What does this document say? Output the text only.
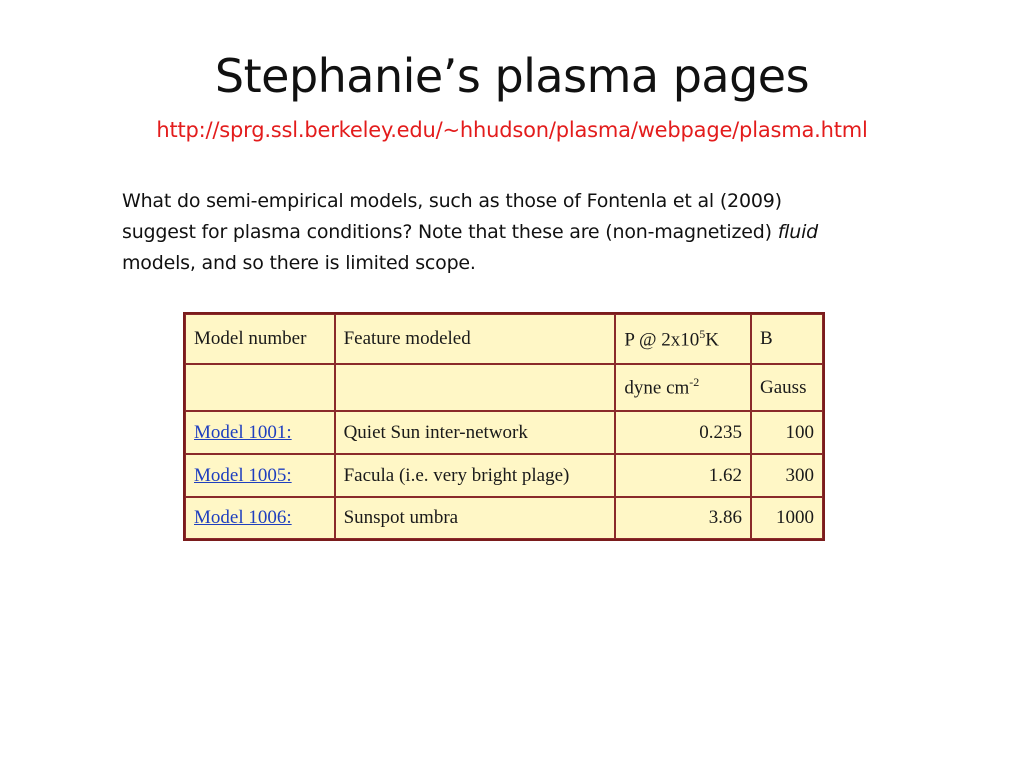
Stephanie’s plasma pages
http://sprg.ssl.berkeley.edu/~hhudson/plasma/webpage/plasma.html
What do semi-empirical models, such as those of Fontenla et al (2009)
suggest for plasma conditions? Note that these are (non-magnetized) fluid
models, and so there is limited scope.
Model number	Feature modeled	P @ $2x10^5K$	B
		dyne $cm^{-2}$	Gauss
Model 1001:	Quiet Sun inter-network	0.235	100
Model 1005:	Facula (i.e. very bright plage)	1.62	300
Model 1006:	Sunspot umbra	3.86	1000
